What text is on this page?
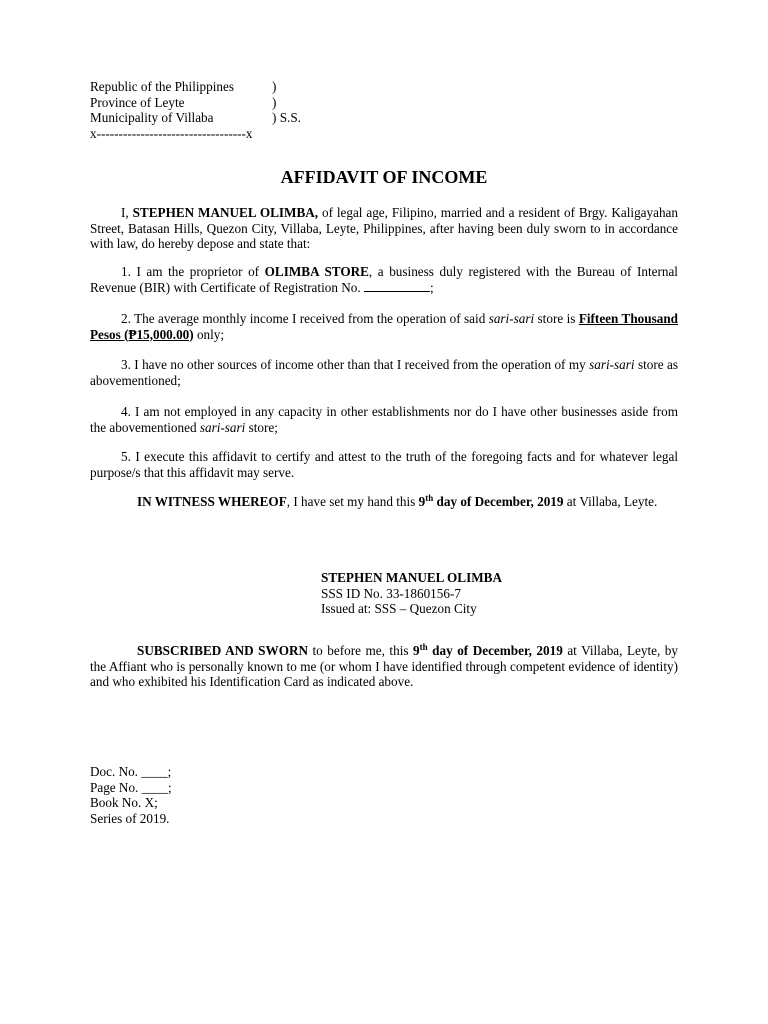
Republic of the Philippines	)
Province of Leyte	)
Municipality of Villaba	) S.S.
x----------------------------------x
AFFIDAVIT OF INCOME
I, STEPHEN MANUEL OLIMBA, of legal age, Filipino, married and a resident of Brgy. Kaligayahan Street, Batasan Hills, Quezon City, Villaba, Leyte, Philippines, after having been duly sworn to in accordance with law, do hereby depose and state that:
1. I am the proprietor of OLIMBA STORE, a business duly registered with the Bureau of Internal Revenue (BIR) with Certificate of Registration No.	;
2. The average monthly income I received from the operation of said sari-sari store is Fifteen Thousand Pesos (₱15,000.00) only;
3. I have no other sources of income other than that I received from the operation of my sari-sari store as abovementioned;
4. I am not employed in any capacity in other establishments nor do I have other businesses aside from the abovementioned sari-sari store;
5. I execute this affidavit to certify and attest to the truth of the foregoing facts and for whatever legal purpose/s that this affidavit may serve.
IN WITNESS WHEREOF, I have set my hand this 9th day of December, 2019 at Villaba, Leyte.
STEPHEN MANUEL OLIMBA
SSS ID No. 33-1860156-7
Issued at: SSS – Quezon City
SUBSCRIBED AND SWORN to before me, this 9th day of December, 2019 at Villaba, Leyte, by the Affiant who is personally known to me (or whom I have identified through competent evidence of identity) and who exhibited his Identification Card as indicated above.
Doc. No. ____;
Page No. ____;
Book No. X;
Series of 2019.
